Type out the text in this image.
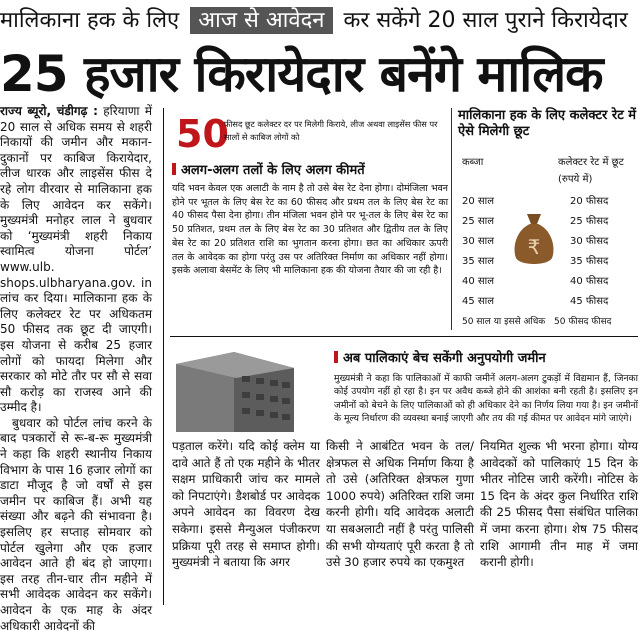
मालिकाना हक के लिए आज से आवेदन कर सकेंगे 20 साल पुराने किरायेदार
25 हजार किरायेदार बनेंगे मालिक

राज्य ब्यूरो, चंडीगढ़ : हरियाणा में 20 साल से अधिक समय से शहरी निकायों की जमीन और मकान-दुकानों पर काबिज किरायेदार, लीज धारक और लाइसेंस फीस दे रहे लोग वीरवार से मालिकाना हक के लिए आवेदन कर सकेंगे। मुख्यमंत्री मनोहर लाल ने बुधवार को ‘मुख्यमंत्री शहरी निकाय स्वामित्व योजना पोर्टल’ www.ulb. shops.ulbharyana.gov. in लांच कर दिया। मालिकाना हक के लिए कलेक्टर रेट पर अधिकतम 50 फीसद तक छूट दी जाएगी। इस योजना से करीब 25 हजार लोगों को फायदा मिलेगा और सरकार को मोटे तौर पर सौ से सवा सौ करोड़ का राजस्व आने की उम्मीद है।

बुधवार को पोर्टल लांच करने के बाद पत्रकारों से रू-ब-रू मुख्यमंत्री ने कहा कि शहरी स्थानीय निकाय विभाग के पास 16 हजार लोगों का डाटा मौजूद है जो वर्षों से इस जमीन पर काबिज हैं। अभी यह संख्या और बढ़ने की संभावना है। इसलिए हर सप्ताह सोमवार को पोर्टल खुलेगा और एक हजार आवेदन आते ही बंद हो जाएगा। इस तरह तीन-चार तीन महीने में सभी आवेदक आवेदन कर सकेंगे। आवेदन के एक माह के अंदर अधिकारी आवेदनों की

50
फीसद छूट कलेक्टर दर पर मिलेगी किराये, लीज अथवा लाइसेंस फीस पर सालों से काबिज लोगों को
अलग-अलग तलों के लिए अलग कीमतें
यदि भवन केवल एक अलाटी के नाम है तो उसे बेस रेट देना होगा। दोमंजिला भवन होने पर भूतल के लिए बेस रेट का 60 फीसद और प्रथम तल के लिए बेस रेट का 40 फीसद पैसा देना होगा। तीन मंजिला भवन होने पर भू-तल के लिए बेस रेट का 50 प्रतिशत, प्रथम तल के लिए बेस रेट का 30 प्रतिशत और द्वितीय तल के लिए बेस रेट का 20 प्रतिशत राशि का भुगतान करना होगा। छत का अधिकार ऊपरी तल के आवेदक का होगा परंतु उस पर अतिरिक्त निर्माण का अधिकार नहीं होगा। इसके अलावा बेसमेंट के लिए भी मालिकाना हक की योजना तैयार की जा रही है।
मालिकाना हक के लिए कलेक्टर रेट में ऐसे मिलेगी छूट
कब्जा	कलेक्टर रेट में छूट (रुपये में)
20 साल	20 फीसद
25 साल	25 फीसद
30 साल	30 फीसद
35 साल	35 फीसद
40 साल	40 फीसद
45 साल	45 फीसद
50 साल या इससे अधिक 50 फीसद फीसद
₹
अब पालिकाएं बेच सकेंगी अनुपयोगी जमीन
मुख्यमंत्री ने कहा कि पालिकाओं में काफी जमीनें अलग-अलग टुकड़ों में विद्यमान हैं, जिनका कोई उपयोग नहीं हो रहा है। इन पर अवैध कब्जे होने की आशंका बनी रहती है। इसलिए इन जमीनों को बेचने के लिए पालिकाओं को ही अधिकार देने का निर्णय लिया गया है। इन जमीनों के मूल्य निर्धारण की व्यवस्था बनाई जाएगी और तय की गई कीमत पर आवेदन मांगे जाएंगे।
पड़ताल करेंगे। यदि कोई क्लेम या दावे आते हैं तो एक महीने के भीतर सक्षम प्राधिकारी जांच कर मामले को निपटाएंगे। डैशबोर्ड पर आवेदक अपने आवेदन का विवरण देख सकेगा। इससे मैन्युअल पंजीकरण प्रक्रिया पूरी तरह से समाप्त होगी। मुख्यमंत्री ने बताया कि अगर
किसी ने आबंटित भवन के तल/क्षेत्रफल से अधिक निर्माण किया है तो उसे (अतिरिक्त क्षेत्रफल गुणा 1000 रुपये) अतिरिक्त राशि जमा करनी होगी। यदि आवेदक अलाटी या सबअलाटी नहीं है परंतु पालिसी की सभी योग्यताएं पूरी करता है तो उसे 30 हजार रुपये का एकमुश्त
नियमित शुल्क भी भरना होगा। योग्य आवेदकों को पालिकाएं 15 दिन के भीतर नोटिस जारी करेंगी। नोटिस के 15 दिन के अंदर कुल निर्धारित राशि की 25 फीसद पैसा संबंधित पालिका में जमा करना होगा। शेष 75 फीसद राशि आगामी तीन माह में जमा करानी होगी।
